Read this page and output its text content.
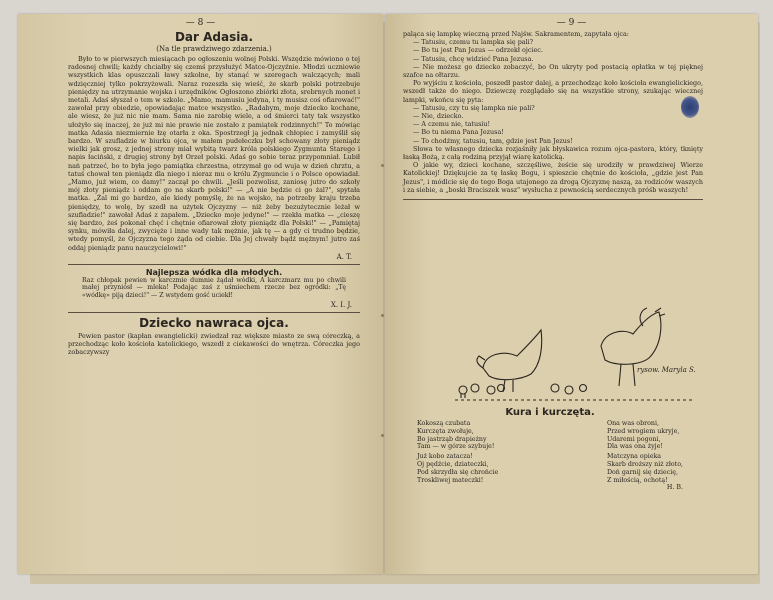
— 8 —
Dar Adasia.
(Na tle prawdziwego zdarzenia.)

Było to w pierwszych miesiącach po ogłoszeniu wolnej Polski. Wszędzie mówiono o tej radosnej chwili; każdy chciałby się czemś przysłużyć Matce-Ojczyźnie. Młodzi uczniowie wszystkich klas opuszczali ławy szkolne, by stanąć w szeregach walczących; mali wdzięczniej tylko pokrzyżowali. Naraz rozeszła się wieść, że skarb polski potrzebuje pieniędzy na utrzymanie wojska i urzędników. Ogłoszono zbiórki złota, srebrnych monet i metali. Adaś słyszał o tem w szkole. „Mamo, mamusiu jedyna, i ty musisz coś ofiarować!" zawołał przy obiedzie, opowiadając matce wszystko. „Radabym, moje dziecko kochane, ale wiesz, że już nic nie mam. Sama nie zarobię wiele, a od śmierci taty tak wszystko ułożyło się inaczej, że już mi nie prawie nie zostało z pamiątek rodzinnych!" To mówiąc matka Adasia niezmiernie łzę otarła z oka. Spostrzegł ją jednak chłopiec i zamyślił się bardzo. W szufladzie w biurku ojca, w małem pudełeczku był schowany złoty pieniądz wielki jak grosz, z jednej strony miał wybitą twarz króla polskiego Zygmunta Starego i napis łaciński, z drugiej strony był Orzeł polski. Adaś go sobie teraz przypomniał. Lubił nań patrzeć, bo to była jego pamiątka chrzestna, otrzymał go od wuja w dzień chrztu, a tatuś chował ten pieniądz dla niego i nieraz mu o królu Zygmuncie i o Polsce opowiadał. „Mamo, już wiem, co damy!" zaczął po chwili. „Jeśli pozwolisz, zaniosę jutro do szkoły mój złoty pieniądz i oddam go na skarb polski!" — „A nie będzie ci go żal?", spytała matka. „Żal mi go bardzo, ale kiedy pomyślę, że na wojsko, na potrzeby kraju trzeba pieniędzy, to wolę, by szedł na użytek Ojczyzny — niż żeby bezużytecznie leżał w szufladzie!" zawołał Adaś z zapałem. „Dziecko moje jedyne!" — rzekła matka — „cieszę się bardzo, żeś pokonał chęć i chętnie ofiarował złoty pieniądz dla Polski!" — „Pamiętaj synku, mówiła dalej, zwycięże i inne wady tak mężnie, jak tę — a gdy ci trudno będzie, wtedy pomyśl, że Ojczyzna tego żąda od ciebie. Dla Jej chwały bądź mężnym! jutro zaś oddaj pieniądz panu nauczycielowi!"

A. T.
Najlepsza wódka dla młodych.
Raz chłopak pewien w karczmie dumnie żądał wódki, A karczmarz mu po chwili małej przyniósł — mleka! Podając zaś z uśmiechem rzecze bez ogródki: „Tę «wódkę» piją dzieci!" — Z wstydem gość uciekł!
X. I. J.
Dziecko nawraca ojca.

Pewien pastor (kapłan ewangielicki) zwiedzał raz większe miasto ze swą córeczką, a przechodząc koło kościoła katolickiego, wszedł z ciekawości do wnętrza. Córeczka jego zobaczywszy

— 9 —

paląca się lampkę wieczną przed Najśw. Sakramentem, zapytała ojca:

— Tatusiu, czemu tu lampka się pali?

— Bo tu jest Pan Jezus — odrzekł ojciec.

— Tatusiu, chcę widzieć Pana Jezusa.

— Nie możesz go dziecko zobaczyć, bo On ukryty pod postacią opłatka w tej pięknej szafce na ołtarzu.

Po wyjściu z kościoła, poszedł pastor dalej, a przechodząc koło kościoła ewangielickiego, wszedł także do niego. Dziewczę rozglądało się na wszystkie strony, szukając wiecznej lampki, wkońcu się pyta:

— Tatusiu, czy tu się lampka nie pali?

— Nie, dziecko.

— A czemu nie, tatusiu!

— Bo tu niema Pana Jezusa!

— To chodźmy, tatusiu, tam, gdzie jest Pan Jezus!

Słowa te własnego dziecka rozjaśniły jak błyskawica rozum ojca-pastora, który, tknięty łaską Bożą, z całą rodziną przyjął wiarę katolicką.

O jakie wy, dzieci kochane, szczęśliwe, żeście się urodziły w prawdziwej Wierze Katolickiej! Dziękujcie za tę łaskę Bogu, i spieszcie chętnie do kościoła, „gdzie jest Pan Jezus", i módlcie się do tego Boga utajonego za drogą Ojczyznę naszą, za rodziców waszych i za siebie, a „boski Braciszek wasz" wysłucha z pewnością serdecznych próśb waszych!

rysow. Maryla S.
Kura i kurczęta.
Kokoszą czubata
Kurczęta zwołuje,
Bo jastrząb drapieżny
Tam — w górze szybuje!
Już kobo zatacza!
Oj pędźcie, dziateczki,
Pod skrzydła się chrońcie
Troskliwej mateczki!
Ona was obroni,
Przed wrogiem ukryje,
Udaremi pogoni,
Dla was ona żyje!
Matczyna opieka
Skarb droższy niż złoto,
Doń garnij się dziecię,
Z miłością, ochotą!
H. B.
